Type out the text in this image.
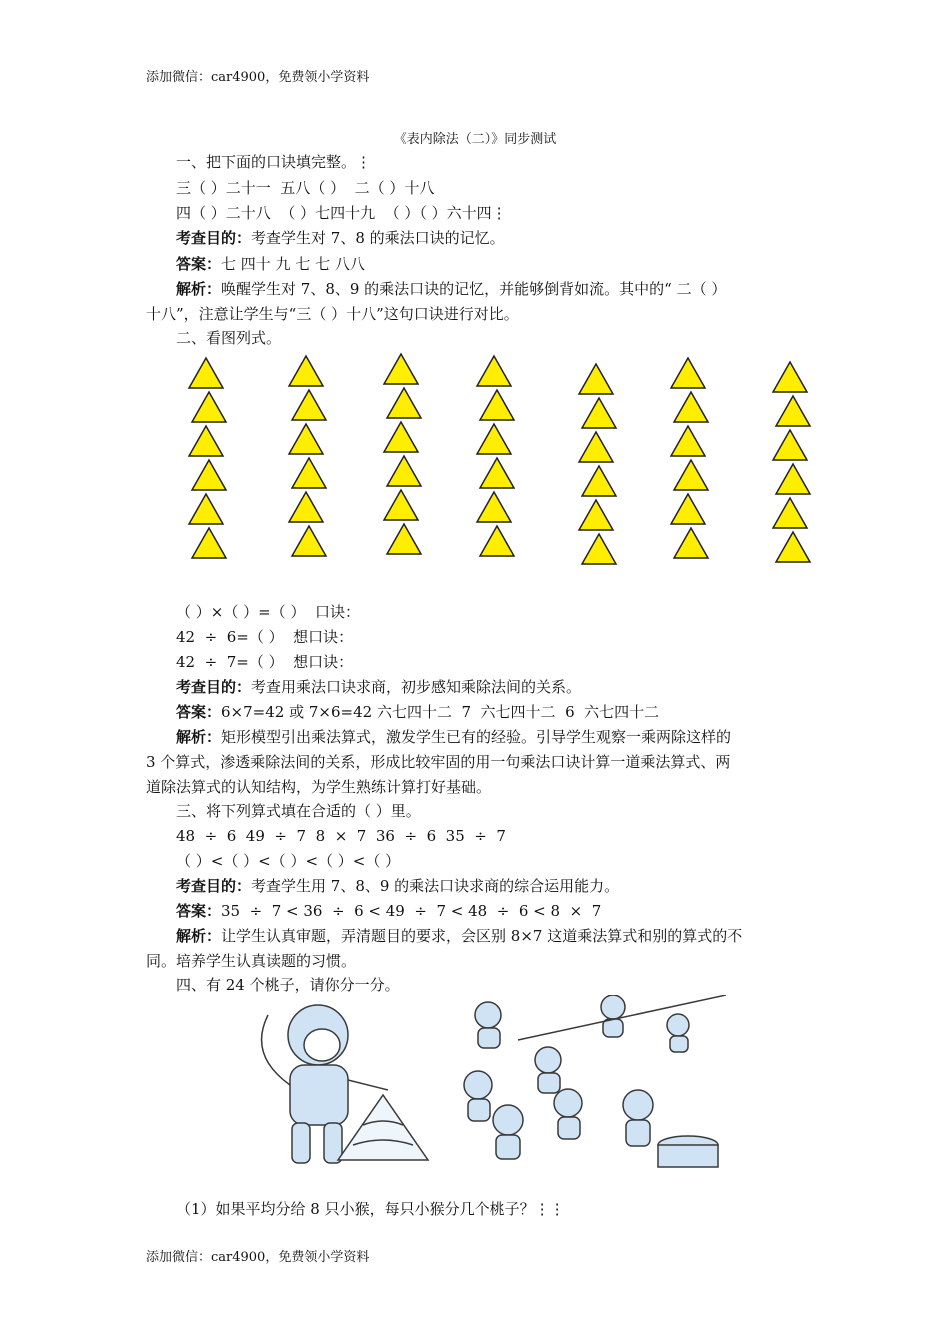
添加微信：car4900，免费领小学资料
《表内除法（二）》同步测试
一、把下面的口诀填完整。⋮
三（ ）二十一  五八（ ）  二（ ）十八
四（ ）二十八  （ ）七四十九  （ ）（ ）六十四⋮
考查目的：考查学生对 7、8 的乘法口诀的记忆。
答案：七 四十 九 七 七 八八
解析：唤醒学生对 7、8、9 的乘法口诀的记忆，并能够倒背如流。其中的“ 二（ ）
十八”，注意让学生与“三（ ）十八”这句口诀进行对比。
二、看图列式。
（ ）×（ ）=（ ）  口诀：
42  ÷  6=（ ）  想口诀：
42  ÷  7=（ ）  想口诀：
考查目的：考查用乘法口诀求商，初步感知乘除法间的关系。
答案：6×7=42 或 7×6=42 六七四十二  7  六七四十二  6  六七四十二
解析：矩形模型引出乘法算式，激发学生已有的经验。引导学生观察一乘两除这样的
3 个算式，渗透乘除法间的关系，形成比较牢固的用一句乘法口诀计算一道乘法算式、两
道除法算式的认知结构，为学生熟练计算打好基础。
三、将下列算式填在合适的（ ）里。
48  ÷  6  49  ÷  7  8  ×  7  36  ÷  6  35  ÷  7
（ ）<（ ）<（ ）<（ ）<（ ）
考查目的：考查学生用 7、8、9 的乘法口诀求商的综合运用能力。
答案：35  ÷  7 < 36  ÷  6 < 49  ÷  7 < 48  ÷  6 < 8  ×  7
解析：让学生认真审题，弄清题目的要求，会区别 8×7 这道乘法算式和别的算式的不
同。培养学生认真读题的习惯。
四、有 24 个桃子，请你分一分。
（1）如果平均分给 8 只小猴，每只小猴分几个桃子？⋮⋮
添加微信：car4900，免费领小学资料
